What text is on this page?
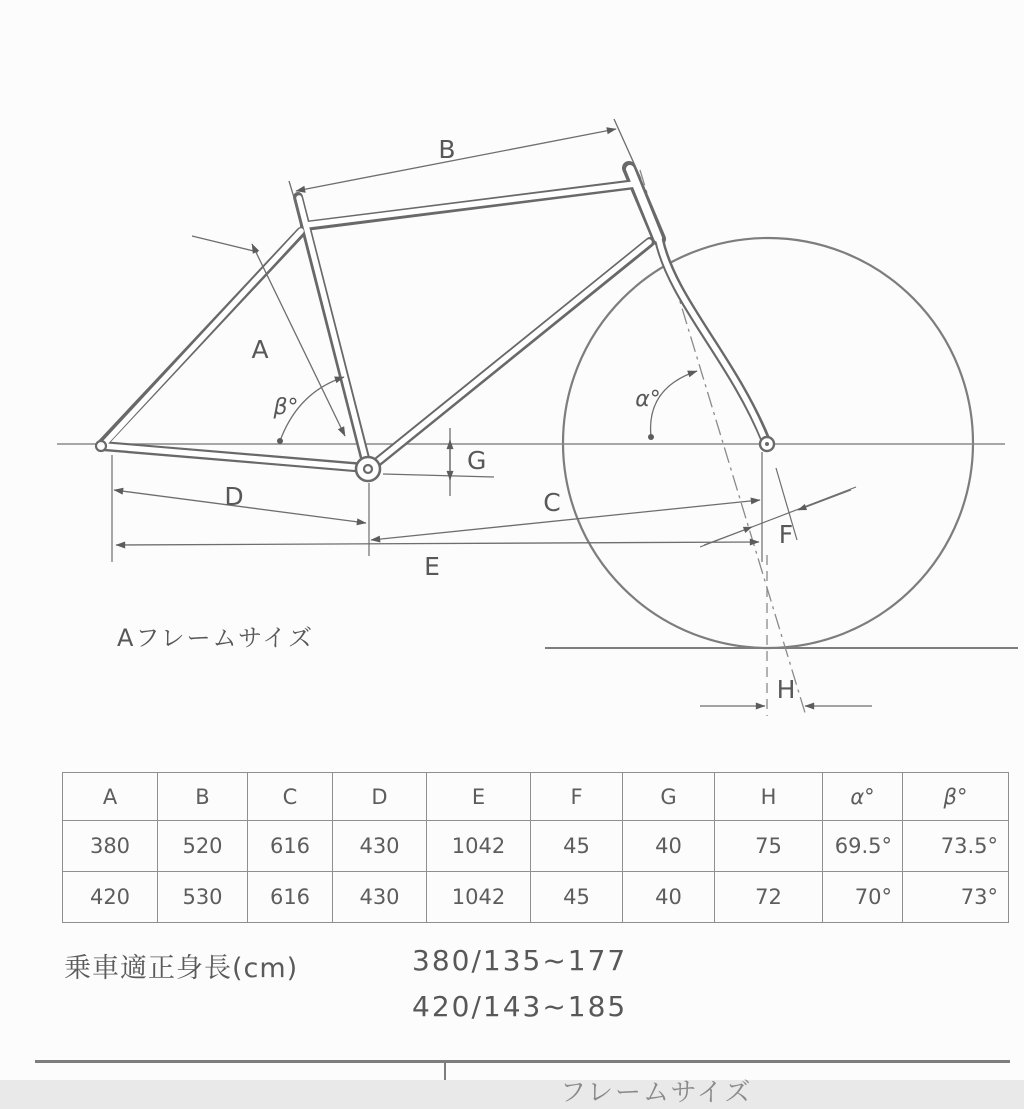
B
A
β°	α°
G
D	C
E
F
H
Aフレームサイズ
A	B	C	D	E	F	G	H	α°	β°
380	520	616	430	1042	45	40	75	69.5°	73.5°
420	530	616	430	1042	45	40	72	70°	73°
乗車適正身長(cm)	380/135~177
420/143~185
フレームサイズ
